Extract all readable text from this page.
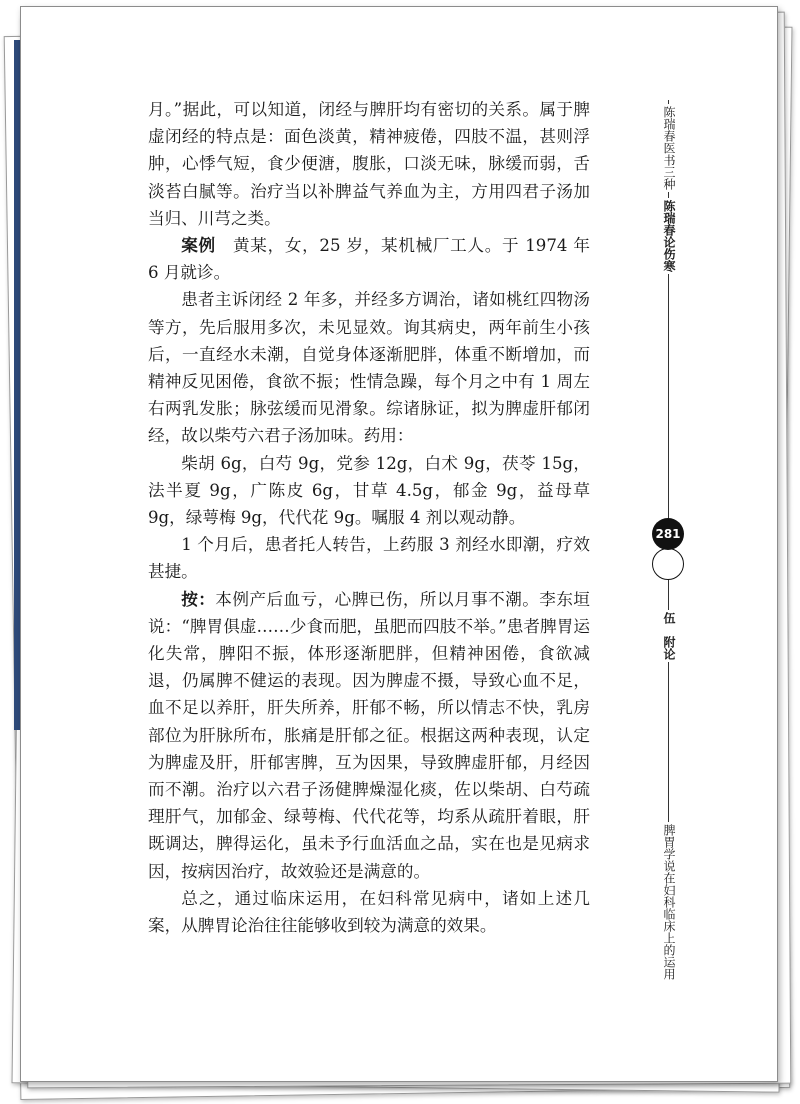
月。”据此，可以知道，闭经与脾肝均有密切的关系。属于脾虚闭经的特点是：面色淡黄，精神疲倦，四肢不温，甚则浮肿，心悸气短，食少便溏，腹胀，口淡无味，脉缓而弱，舌淡苔白腻等。治疗当以补脾益气养血为主，方用四君子汤加当归、川芎之类。

案例　黄某，女，25 岁，某机械厂工人。于 1974 年 6 月就诊。

患者主诉闭经 2 年多，并经多方调治，诸如桃红四物汤等方，先后服用多次，未见显效。询其病史，两年前生小孩后，一直经水未潮，自觉身体逐渐肥胖，体重不断增加，而精神反见困倦，食欲不振；性情急躁，每个月之中有 1 周左右两乳发胀；脉弦缓而见滑象。综诸脉证，拟为脾虚肝郁闭经，故以柴芍六君子汤加味。药用：

柴胡 6g，白芍 9g，党参 12g，白术 9g，茯苓 15g，法半夏 9g，广陈皮 6g，甘草 4.5g，郁金 9g，益母草 9g，绿萼梅 9g，代代花 9g。嘱服 4 剂以观动静。

1 个月后，患者托人转告，上药服 3 剂经水即潮，疗效甚捷。

按：本例产后血亏，心脾已伤，所以月事不潮。李东垣说：“脾胃俱虚……少食而肥，虽肥而四肢不举。”患者脾胃运化失常，脾阳不振，体形逐渐肥胖，但精神困倦，食欲减退，仍属脾不健运的表现。因为脾虚不摄，导致心血不足，血不足以养肝，肝失所养，肝郁不畅，所以情志不快，乳房部位为肝脉所布，胀痛是肝郁之征。根据这两种表现，认定为脾虚及肝，肝郁害脾，互为因果，导致脾虚肝郁，月经因而不潮。治疗以六君子汤健脾燥湿化痰，佐以柴胡、白芍疏理肝气，加郁金、绿萼梅、代代花等，均系从疏肝着眼，肝既调达，脾得运化，虽未予行血活血之品，实在也是见病求因，按病因治疗，故效验还是满意的。

总之，通过临床运用，在妇科常见病中，诸如上述几案，从脾胃论治往往能够收到较为满意的效果。

陈瑞春医书三种
陈瑞春论伤寒
281
伍　附论
脾胃学说在妇科临床上的运用
